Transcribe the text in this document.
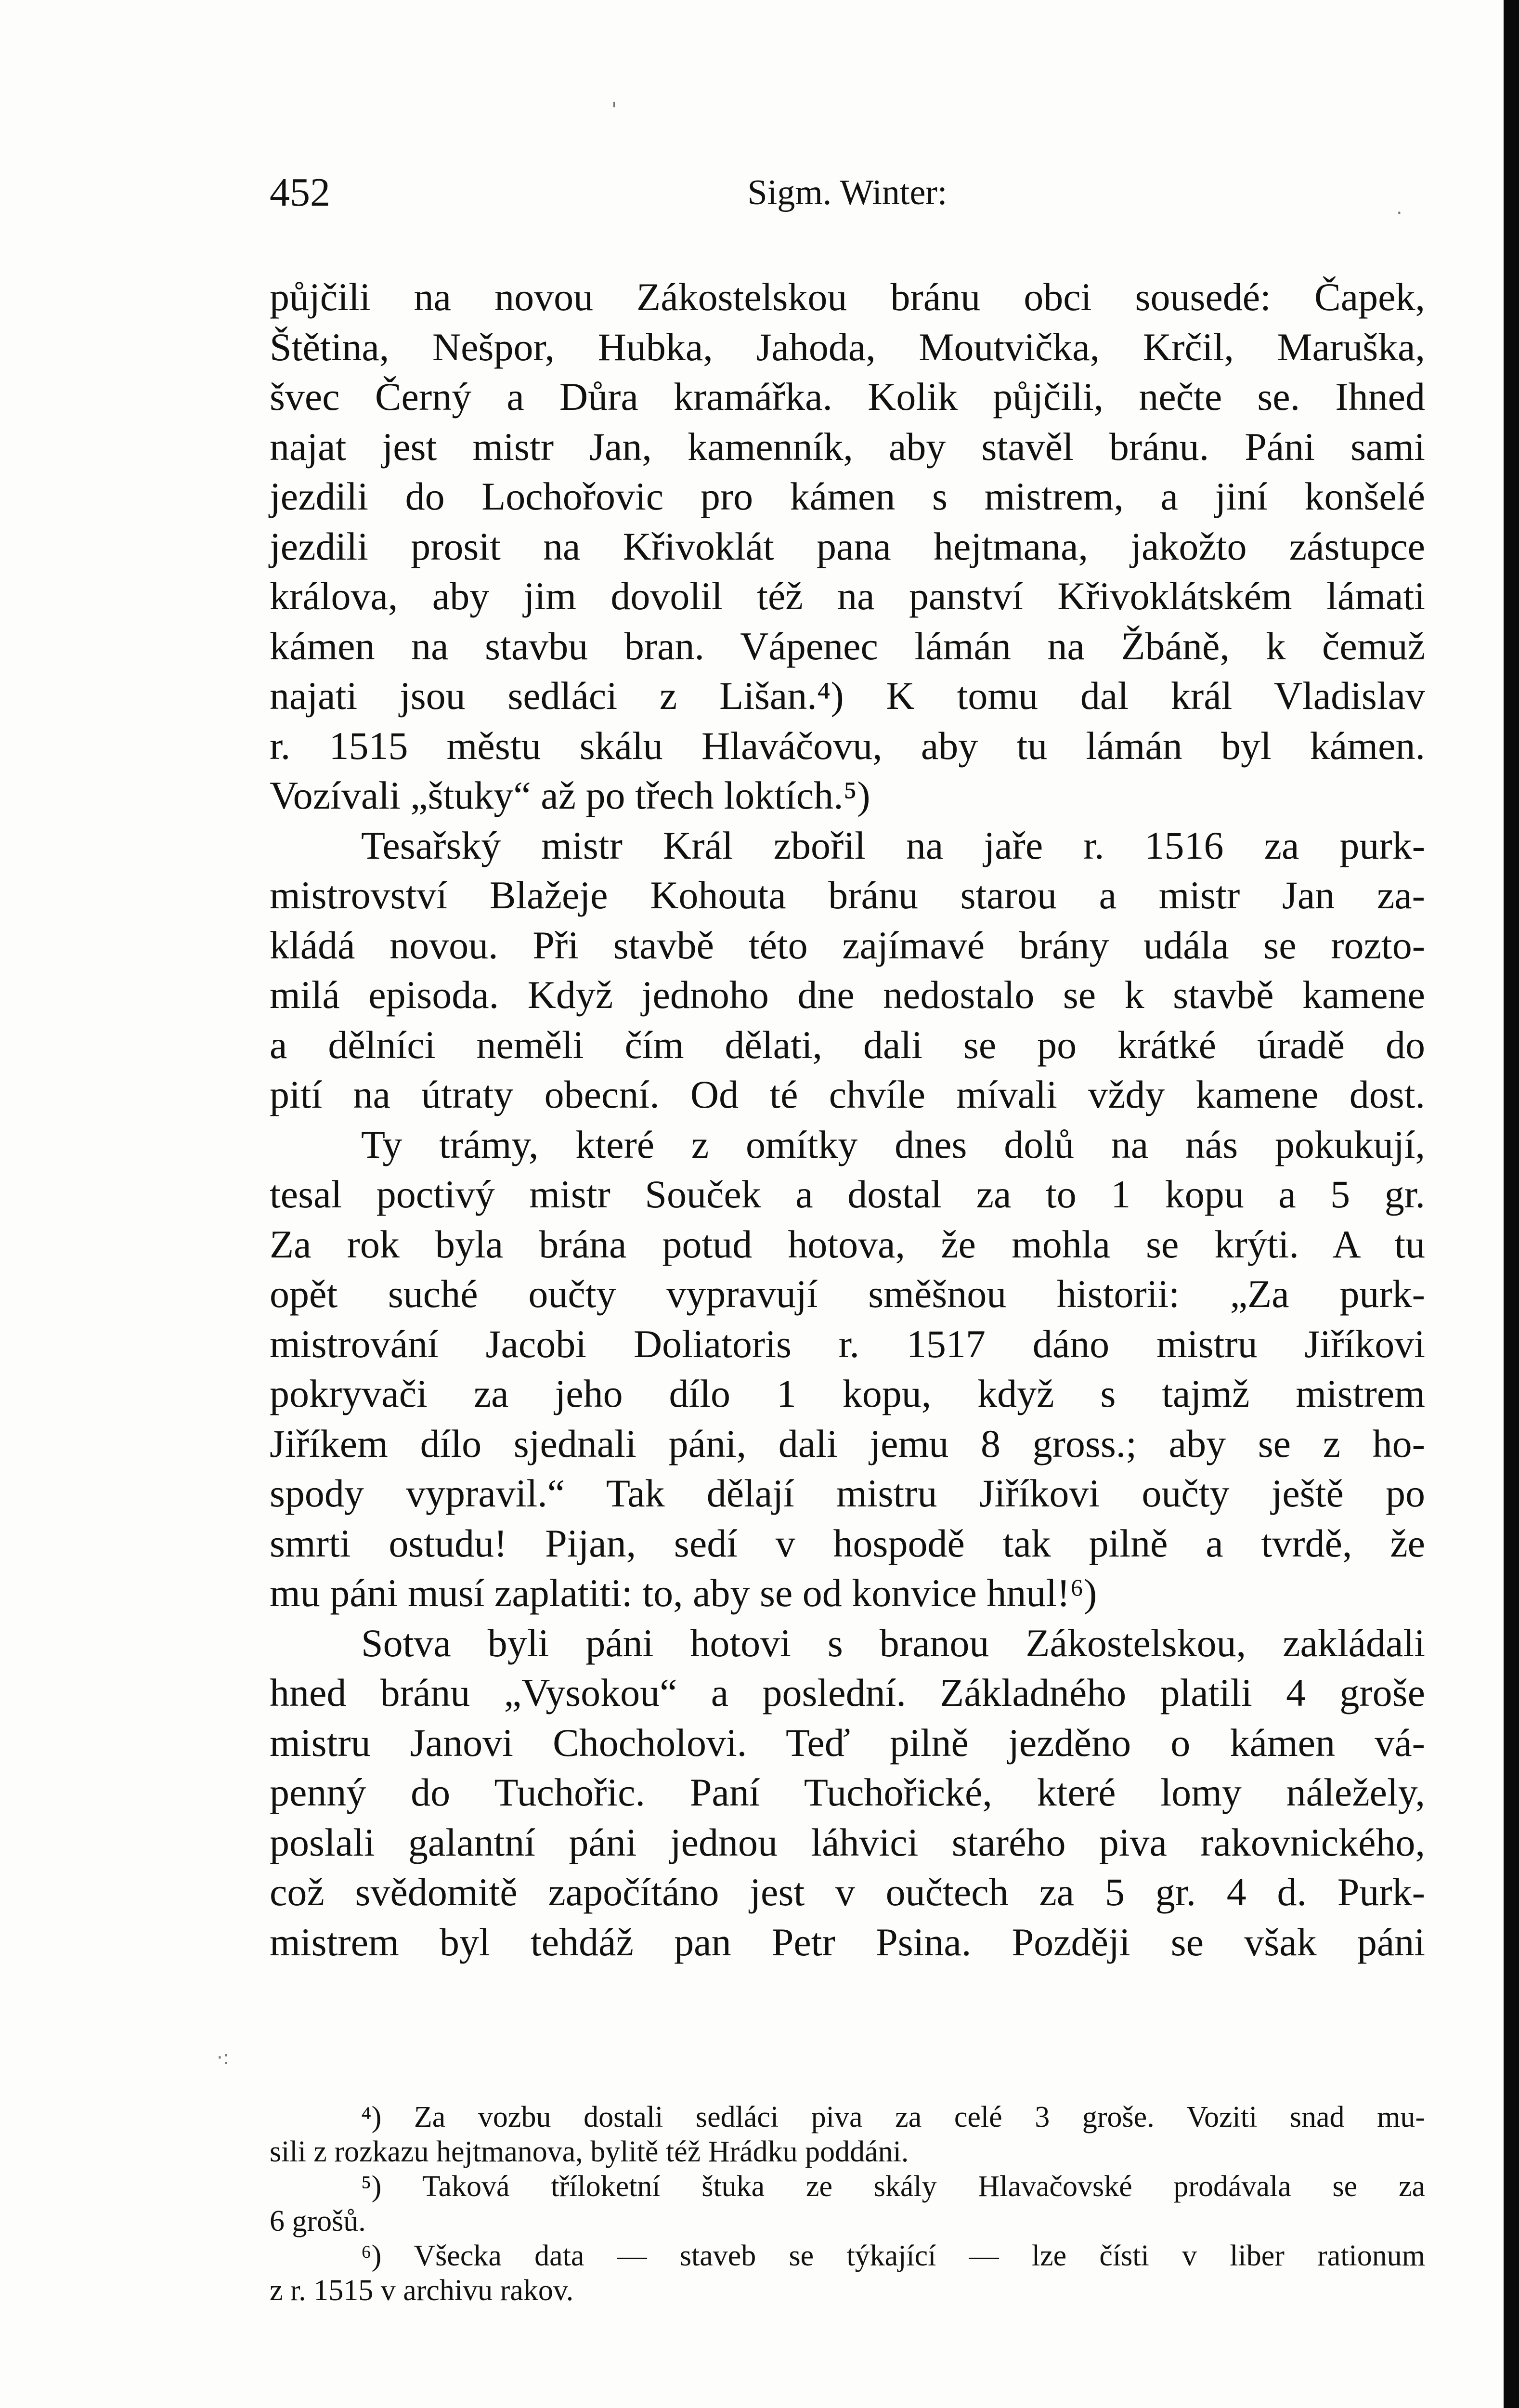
'
·
·:
452	Sigm. Winter:

půjčili na novou Zákostelskou bránu obci sousedé: Čapek,
Štětina, Nešpor, Hubka, Jahoda, Moutvička, Krčil, Maruška,
švec Černý a Důra kramářka. Kolik půjčili, nečte se. Ihned
najat jest mistr Jan, kamenník, aby stavěl bránu. Páni sami
jezdili do Lochořovic pro kámen s mistrem, a jiní konšelé
jezdili prosit na Křivoklát pana hejtmana, jakožto zástupce
králova, aby jim dovolil též na panství Křivoklátském lámati
kámen na stavbu bran. Vápenec lámán na Žbáně, k čemuž
najati jsou sedláci z Lišan.⁴) K tomu dal král Vladislav
r. 1515 městu skálu Hlaváčovu, aby tu lámán byl kámen.
Vozívali „štuky“ až po třech loktích.⁵)

Tesařský mistr Král zbořil na jaře r. 1516 za purk-
mistrovství Blažeje Kohouta bránu starou a mistr Jan za-
kládá novou. Při stavbě této zajímavé brány udála se rozto-
milá episoda. Když jednoho dne nedostalo se k stavbě kamene
a dělníci neměli čím dělati, dali se po krátké úradě do
pití na útraty obecní. Od té chvíle mívali vždy kamene dost.

Ty trámy, které z omítky dnes dolů na nás pokukují,
tesal poctivý mistr Souček a dostal za to 1 kopu a 5 gr.
Za rok byla brána potud hotova, že mohla se krýti. A tu
opět suché oučty vypravují směšnou historii: „Za purk-
mistrování Jacobi Doliatoris r. 1517 dáno mistru Jiříkovi
pokryvači za jeho dílo 1 kopu, když s tajmž mistrem
Jiříkem dílo sjednali páni, dali jemu 8 gross.; aby se z ho-
spody vypravil.“ Tak dělají mistru Jiříkovi oučty ještě po
smrti ostudu! Pijan, sedí v hospodě tak pilně a tvrdě, že
mu páni musí zaplatiti: to, aby se od konvice hnul!⁶)

Sotva byli páni hotovi s branou Zákostelskou, zakládali
hned bránu „Vysokou“ a poslední. Základného platili 4 groše
mistru Janovi Chocholovi. Teď pilně jezděno o kámen vá-
penný do Tuchořic. Paní Tuchořické, které lomy náležely,
poslali galantní páni jednou láhvici starého piva rakovnického,
což svědomitě započítáno jest v oučtech za 5 gr. 4 d. Purk-
mistrem byl tehdáž pan Petr Psina. Později se však páni

⁴) Za vozbu dostali sedláci piva za celé 3 groše. Voziti snad mu-
sili z rozkazu hejtmanova, bylitě též Hrádku poddáni.

⁵) Taková tříloketní štuka ze skály Hlavačovské prodávala se za
6 grošů.

⁶) Všecka data — staveb se týkající — lze čísti v liber rationum
z r. 1515 v archivu rakov.
